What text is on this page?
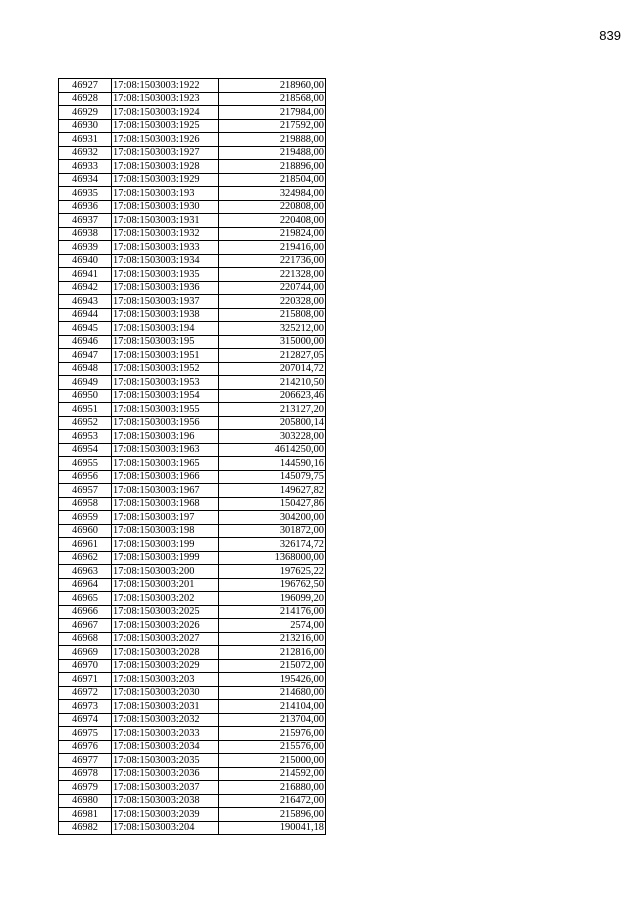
839
46927	17:08:1503003:1922	218960,00
46928	17:08:1503003:1923	218568,00
46929	17:08:1503003:1924	217984,00
46930	17:08:1503003:1925	217592,00
46931	17:08:1503003:1926	219888,00
46932	17:08:1503003:1927	219488,00
46933	17:08:1503003:1928	218896,00
46934	17:08:1503003:1929	218504,00
46935	17:08:1503003:193	324984,00
46936	17:08:1503003:1930	220808,00
46937	17:08:1503003:1931	220408,00
46938	17:08:1503003:1932	219824,00
46939	17:08:1503003:1933	219416,00
46940	17:08:1503003:1934	221736,00
46941	17:08:1503003:1935	221328,00
46942	17:08:1503003:1936	220744,00
46943	17:08:1503003:1937	220328,00
46944	17:08:1503003:1938	215808,00
46945	17:08:1503003:194	325212,00
46946	17:08:1503003:195	315000,00
46947	17:08:1503003:1951	212827,05
46948	17:08:1503003:1952	207014,72
46949	17:08:1503003:1953	214210,50
46950	17:08:1503003:1954	206623,46
46951	17:08:1503003:1955	213127,20
46952	17:08:1503003:1956	205800,14
46953	17:08:1503003:196	303228,00
46954	17:08:1503003:1963	4614250,00
46955	17:08:1503003:1965	144590,16
46956	17:08:1503003:1966	145079,75
46957	17:08:1503003:1967	149627,82
46958	17:08:1503003:1968	150427,86
46959	17:08:1503003:197	304200,00
46960	17:08:1503003:198	301872,00
46961	17:08:1503003:199	326174,72
46962	17:08:1503003:1999	1368000,00
46963	17:08:1503003:200	197625,22
46964	17:08:1503003:201	196762,50
46965	17:08:1503003:202	196099,20
46966	17:08:1503003:2025	214176,00
46967	17:08:1503003:2026	2574,00
46968	17:08:1503003:2027	213216,00
46969	17:08:1503003:2028	212816,00
46970	17:08:1503003:2029	215072,00
46971	17:08:1503003:203	195426,00
46972	17:08:1503003:2030	214680,00
46973	17:08:1503003:2031	214104,00
46974	17:08:1503003:2032	213704,00
46975	17:08:1503003:2033	215976,00
46976	17:08:1503003:2034	215576,00
46977	17:08:1503003:2035	215000,00
46978	17:08:1503003:2036	214592,00
46979	17:08:1503003:2037	216880,00
46980	17:08:1503003:2038	216472,00
46981	17:08:1503003:2039	215896,00
46982	17:08:1503003:204	190041,18
